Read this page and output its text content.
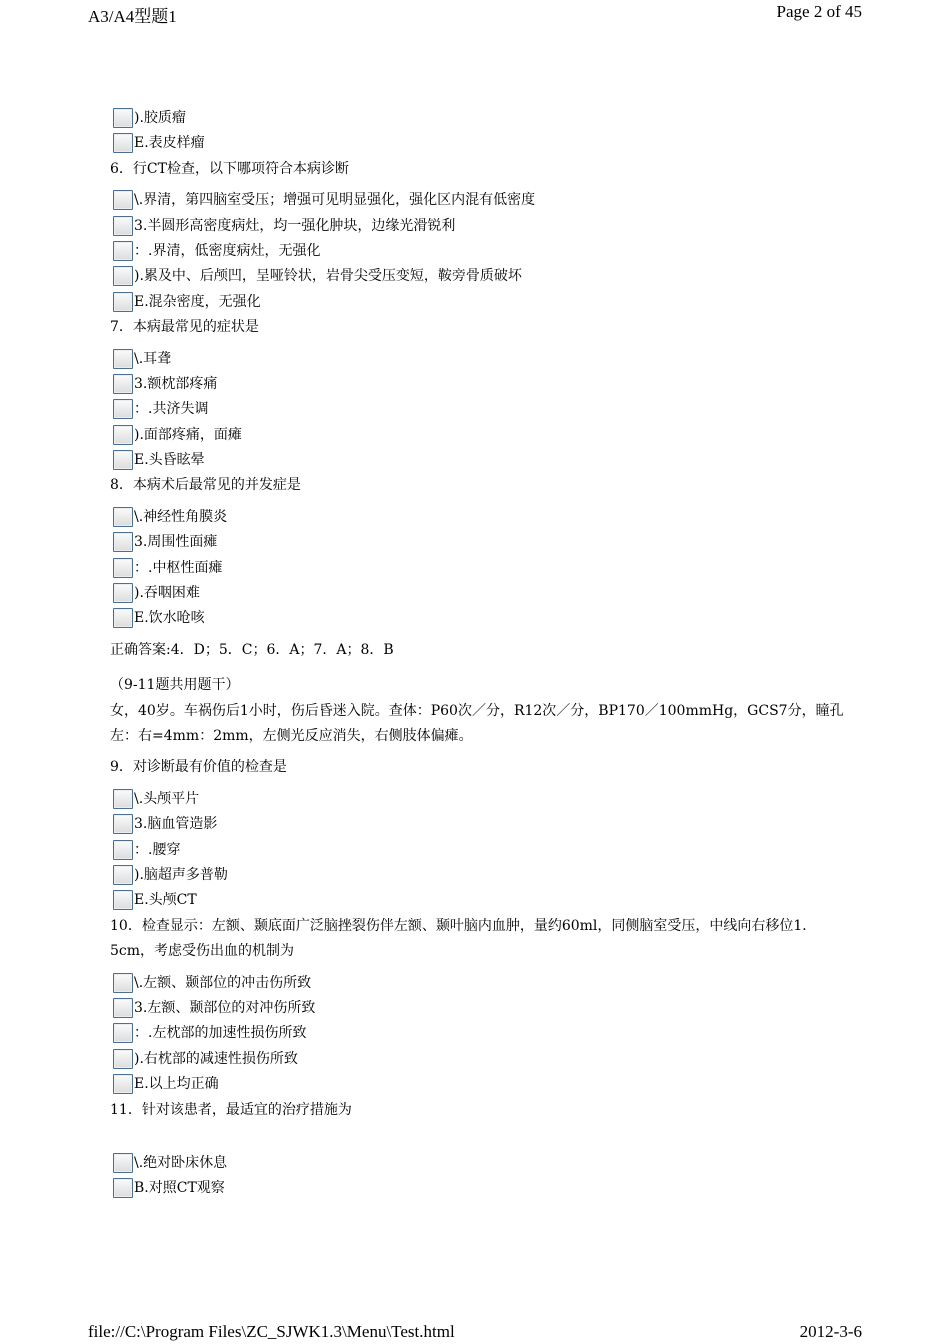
A3/A4型题1	Page 2 of 45
).胶质瘤
E.表皮样瘤
6．行CT检查，以下哪项符合本病诊断
\.界清，第四脑室受压；增强可见明显强化，强化区内混有低密度
3.半圆形高密度病灶，均一强化肿块，边缘光滑锐利
：.界清，低密度病灶，无强化
).累及中、后颅凹，呈哑铃状，岩骨尖受压变短，鞍旁骨质破坏
E.混杂密度，无强化
7．本病最常见的症状是
\.耳聋
3.额枕部疼痛
：.共济失调
).面部疼痛，面瘫
E.头昏眩晕
8．本病术后最常见的并发症是
\.神经性角膜炎
3.周围性面瘫
：.中枢性面瘫
).吞咽困难
E.饮水呛咳
正确答案:4．D；5．C；6．A；7．A；8．B
（9-11题共用题干）
女，40岁。车祸伤后1小时，伤后昏迷入院。查体：P60次／分，R12次／分，BP170／100mmHg，GCS7分，瞳孔左：右=4mm：2mm，左侧光反应消失，右侧肢体偏瘫。
9．对诊断最有价值的检查是
\.头颅平片
3.脑血管造影
：.腰穿
).脑超声多普勒
E.头颅CT
10．检查显示：左额、颞底面广泛脑挫裂伤伴左额、颞叶脑内血肿，量约60ml，同侧脑室受压，中线向右移位1．5cm，考虑受伤出血的机制为
\.左额、颞部位的冲击伤所致
3.左额、颞部位的对冲伤所致
：.左枕部的加速性损伤所致
).右枕部的减速性损伤所致
E.以上均正确
11．针对该患者，最适宜的治疗措施为
\.绝对卧床休息
B.对照CT观察
file://C:\Program Files\ZC_SJWK1.3\Menu\Test.html	2012-3-6
